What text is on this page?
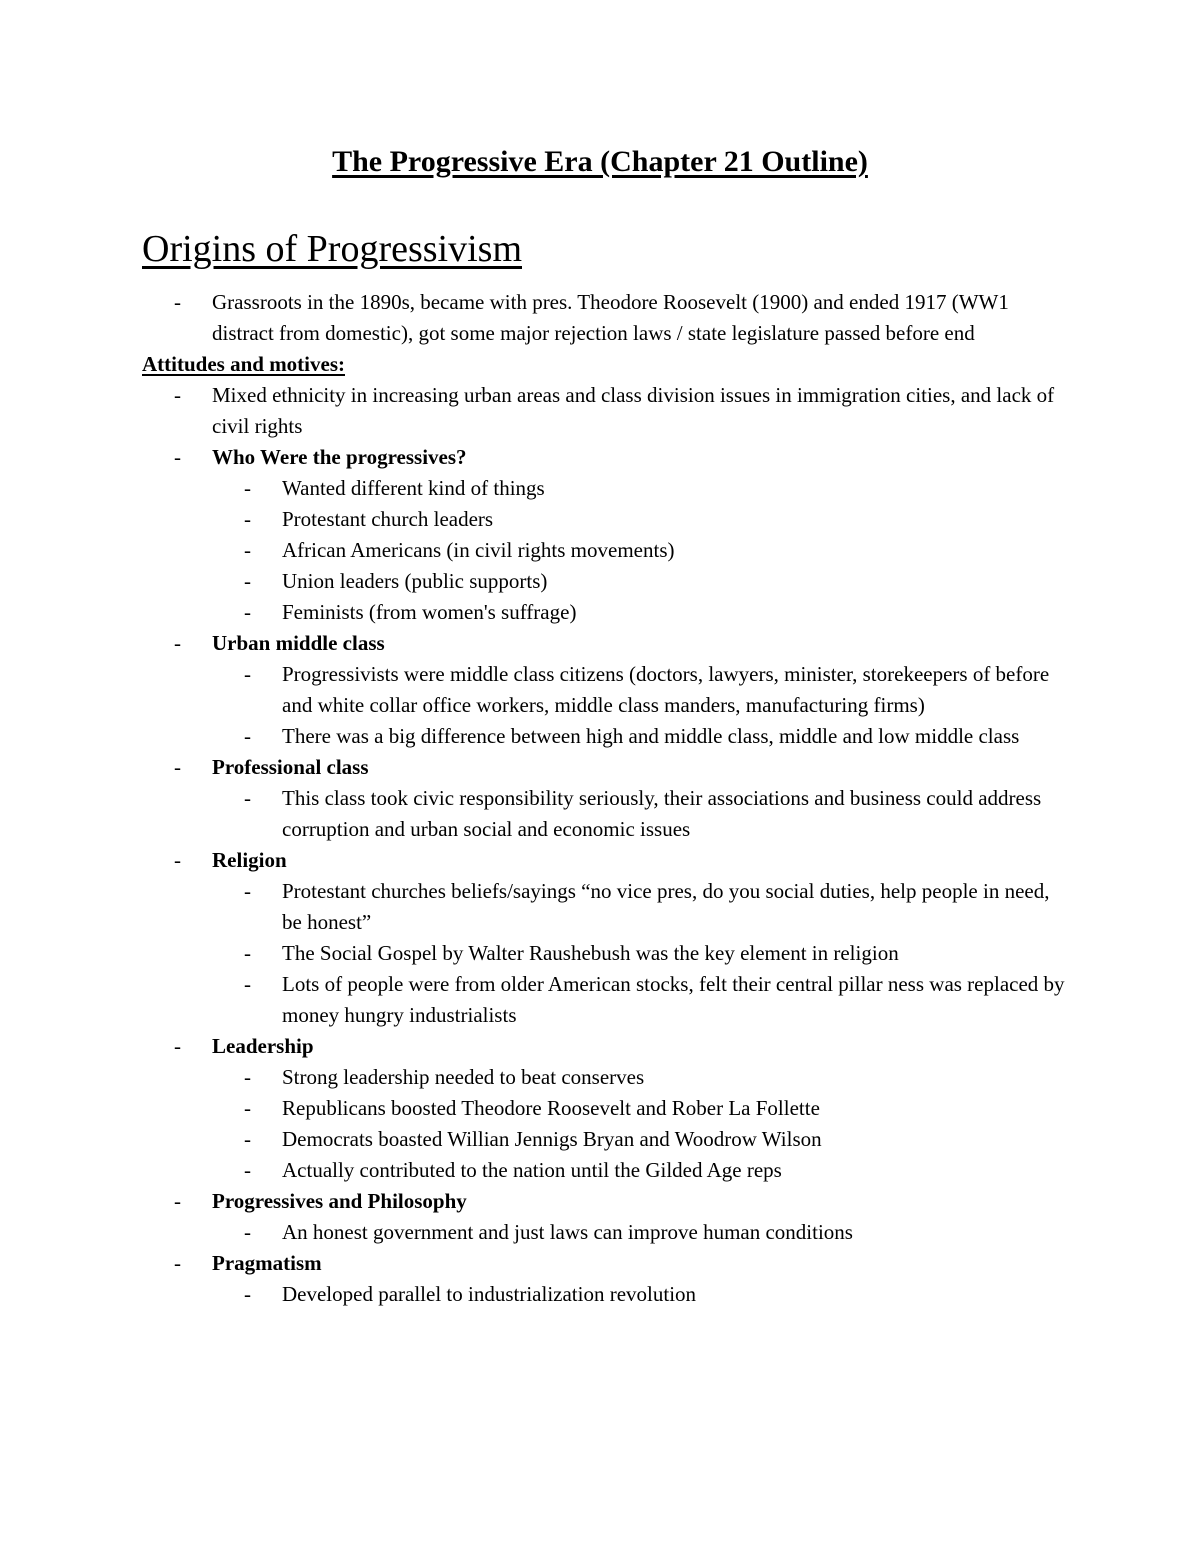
The Progressive Era (Chapter 21 Outline)
Origins of Progressivism
-	Grassroots in the 1890s, became with pres. Theodore Roosevelt (1900) and ended 1917 (WW1 distract from domestic), got some major rejection laws / state legislature passed before end
Attitudes and motives:
-	Mixed ethnicity in increasing urban areas and class division issues in immigration cities, and lack of civil rights
-	Who Were the progressives?
-	Wanted different kind of things
-	Protestant church leaders
-	African Americans (in civil rights movements)
-	Union leaders (public supports)
-	Feminists (from women's suffrage)
-	Urban middle class
-	Progressivists were middle class citizens (doctors, lawyers, minister, storekeepers of before and white collar office workers, middle class manders, manufacturing firms)
-	There was a big difference between high and middle class, middle and low middle class
-	Professional class
-	This class took civic responsibility seriously, their associations and business could address corruption and urban social and economic issues
-	Religion
-	Protestant churches beliefs/sayings “no vice pres, do you social duties, help people in need, be honest”
-	The Social Gospel by Walter Raushebush was the key element in religion
-	Lots of people were from older American stocks, felt their central pillar ness was replaced by money hungry industrialists
-	Leadership
-	Strong leadership needed to beat conserves
-	Republicans boosted Theodore Roosevelt and Rober La Follette
-	Democrats boasted Willian Jennigs Bryan and Woodrow Wilson
-	Actually contributed to the nation until the Gilded Age reps
-	Progressives and Philosophy
-	An honest government and just laws can improve human conditions
-	Pragmatism
-	Developed parallel to industrialization revolution
